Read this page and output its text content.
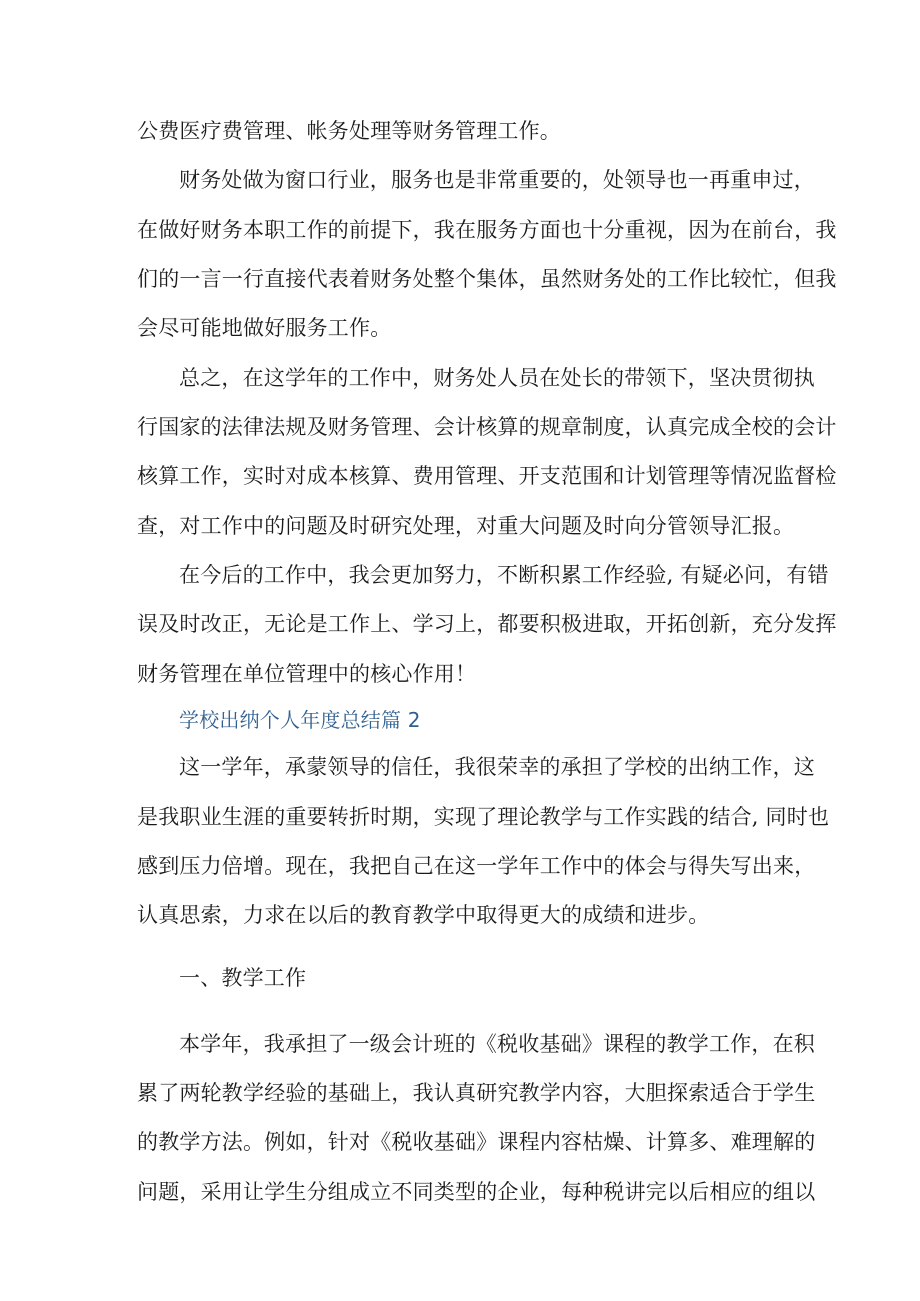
公费医疗费管理、帐务处理等财务管理工作。
财务处做为窗口行业，服务也是非常重要的，处领导也一再重申过，
在做好财务本职工作的前提下，我在服务方面也十分重视，因为在前台，我
们的一言一行直接代表着财务处整个集体，虽然财务处的工作比较忙，但我
会尽可能地做好服务工作。
总之，在这学年的工作中，财务处人员在处长的带领下，坚决贯彻执
行国家的法律法规及财务管理、会计核算的规章制度，认真完成全校的会计
核算工作，实时对成本核算、费用管理、开支范围和计划管理等情况监督检
查，对工作中的问题及时研究处理，对重大问题及时向分管领导汇报。
在今后的工作中，我会更加努力，不断积累工作经验, 有疑必问，有错
误及时改正，无论是工作上、学习上，都要积极进取，开拓创新，充分发挥
财务管理在单位管理中的核心作用！
学校出纳个人年度总结篇 2
这一学年，承蒙领导的信任，我很荣幸的承担了学校的出纳工作，这
是我职业生涯的重要转折时期，实现了理论教学与工作实践的结合, 同时也
感到压力倍增。现在，我把自己在这一学年工作中的体会与得失写出来，
认真思索，力求在以后的教育教学中取得更大的成绩和进步。
一、教学工作
本学年，我承担了一级会计班的《税收基础》课程的教学工作，在积
累了两轮教学经验的基础上，我认真研究教学内容，大胆探索适合于学生
的教学方法。例如，针对《税收基础》课程内容枯燥、计算多、难理解的
问题，采用让学生分组成立不同类型的企业，每种税讲完以后相应的组以
